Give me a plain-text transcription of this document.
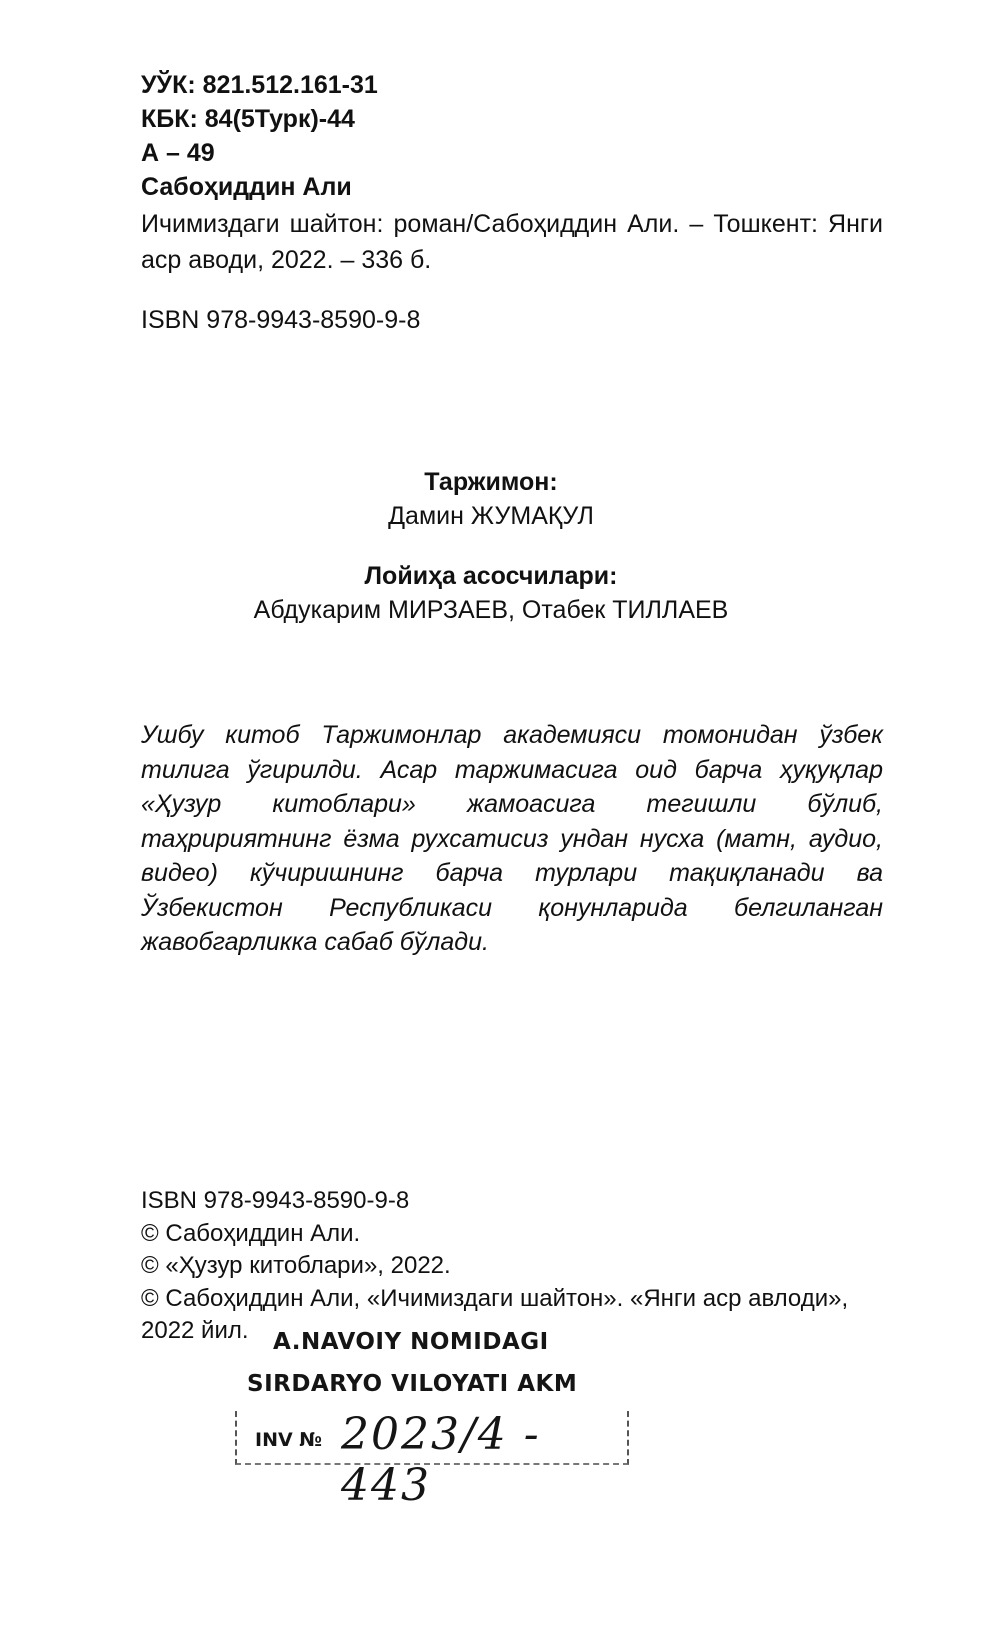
УЎК: 821.512.161-31
КБК: 84(5Турк)-44
А – 49
Сабоҳиддин Али
Ичимиздаги шайтон: роман/Сабоҳиддин Али. – Тошкент: Янги аср аводи, 2022. – 336 б.
ISBN 978-9943-8590-9-8
Таржимон:
Дамин ЖУМАҚУЛ
Лойиҳа асосчилари:
Абдукарим МИРЗАЕВ, Отабек ТИЛЛАЕВ
Ушбу китоб Таржимонлар академияси томонидан ўзбек тилига ўгирилди. Асар таржимасига оид барча ҳуқуқлар «Ҳузур китоблари» жамоасига тегишли бўлиб, таҳририятнинг ёзма рухсатисиз ундан нусха (матн, аудио, видео) кўчиришнинг барча турлари тақиқланади ва Ўзбекистон Республикаси қонунларида белгиланган жавобгарликка сабаб бўлади.
ISBN 978-9943-8590-9-8
© Сабоҳиддин Али.
© «Ҳузур китоблари», 2022.
© Сабоҳиддин Али, «Ичимиздаги шайтон». «Янги аср авлоди», 2022 йил.	A.NAVOIY NOMIDAGI
SIRDARYO VILOYATI AKM
INV № 2023/4 - 443
